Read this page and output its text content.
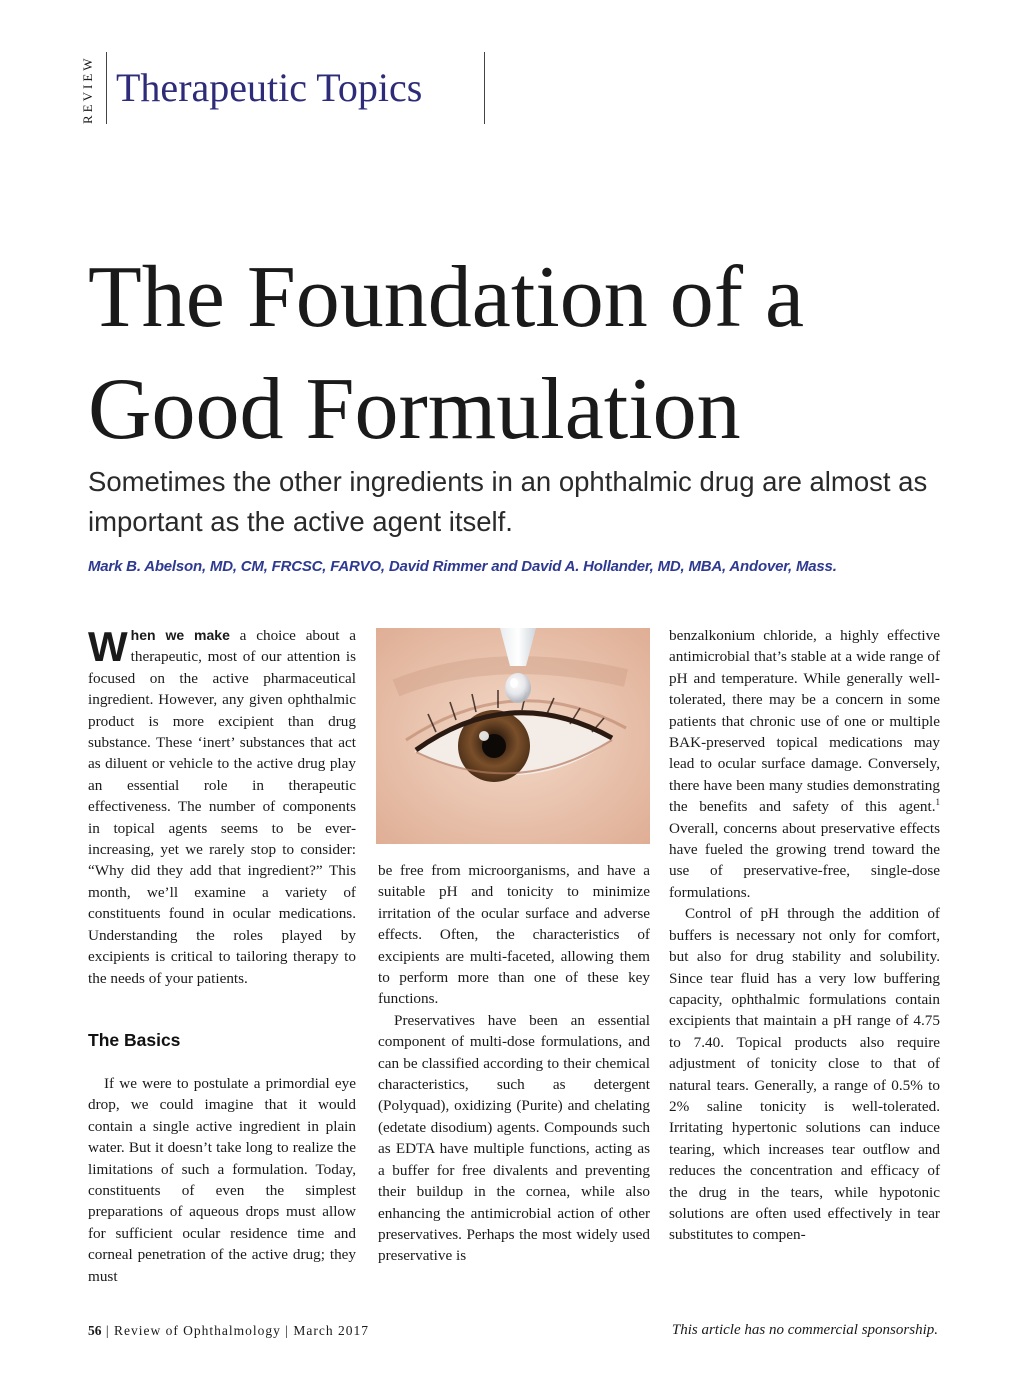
REVIEW Therapeutic Topics
The Foundation of a
Good Formulation
Sometimes the other ingredients in an ophthalmic drug are almost as important as the active agent itself.
Mark B. Abelson, MD, CM, FRCSC, FARVO, David Rimmer and David A. Hollander, MD, MBA, Andover, Mass.

When we make a choice about a therapeutic, most of our attention is focused on the active pharmaceutical ingredient. However, any given ophthalmic product is more excipient than drug substance. These ‘inert’ substances that act as diluent or vehicle to the active drug play an essential role in therapeutic effectiveness. The number of components in topical agents seems to be ever-increasing, yet we rarely stop to consider: “Why did they add that ingredient?” This month, we’ll examine a variety of constituents found in ocular medications. Understanding the roles played by excipients is critical to tailoring therapy to the needs of your patients.

The Basics

If we were to postulate a primordial eye drop, we could imagine that it would contain a single active ingredient in plain water. But it doesn’t take long to realize the limitations of such a formulation. Today, constituents of even the simplest preparations of aqueous drops must allow for sufficient ocular residence time and corneal penetration of the active drug; they must

be free from microorganisms, and have a suitable pH and tonicity to minimize irritation of the ocular surface and adverse effects. Often, the characteristics of excipients are multi-faceted, allowing them to perform more than one of these key functions.

Preservatives have been an essential component of multi-dose formulations, and can be classified according to their chemical characteristics, such as detergent (Polyquad), oxidizing (Purite) and chelating (edetate disodium) agents. Compounds such as EDTA have multiple functions, acting as a buffer for free divalents and preventing their buildup in the cornea, while also enhancing the antimicrobial action of other preservatives. Perhaps the most widely used preservative is

benzalkonium chloride, a highly effective antimicrobial that’s stable at a wide range of pH and temperature. While generally well-tolerated, there may be a concern in some patients that chronic use of one or multiple BAK-preserved topical medications may lead to ocular surface damage. Conversely, there have been many studies demonstrating the benefits and safety of this agent.$^1$ Overall, concerns about preservative effects have fueled the growing trend toward the use of preservative-free, single-dose formulations.

Control of pH through the addition of buffers is necessary not only for comfort, but also for drug stability and solubility. Since tear fluid has a very low buffering capacity, ophthalmic formulations contain excipients that maintain a pH range of 4.75 to 7.40. Topical products also require adjustment of tonicity close to that of natural tears. Generally, a range of 0.5% to 2% saline tonicity is well-tolerated. Irritating hypertonic solutions can induce tearing, which increases tear outflow and reduces the concentration and efficacy of the drug in the tears, while hypotonic solutions are often used effectively in tear substitutes to compen-

56 | Review of Ophthalmology | March 2017	This article has no commercial sponsorship.
